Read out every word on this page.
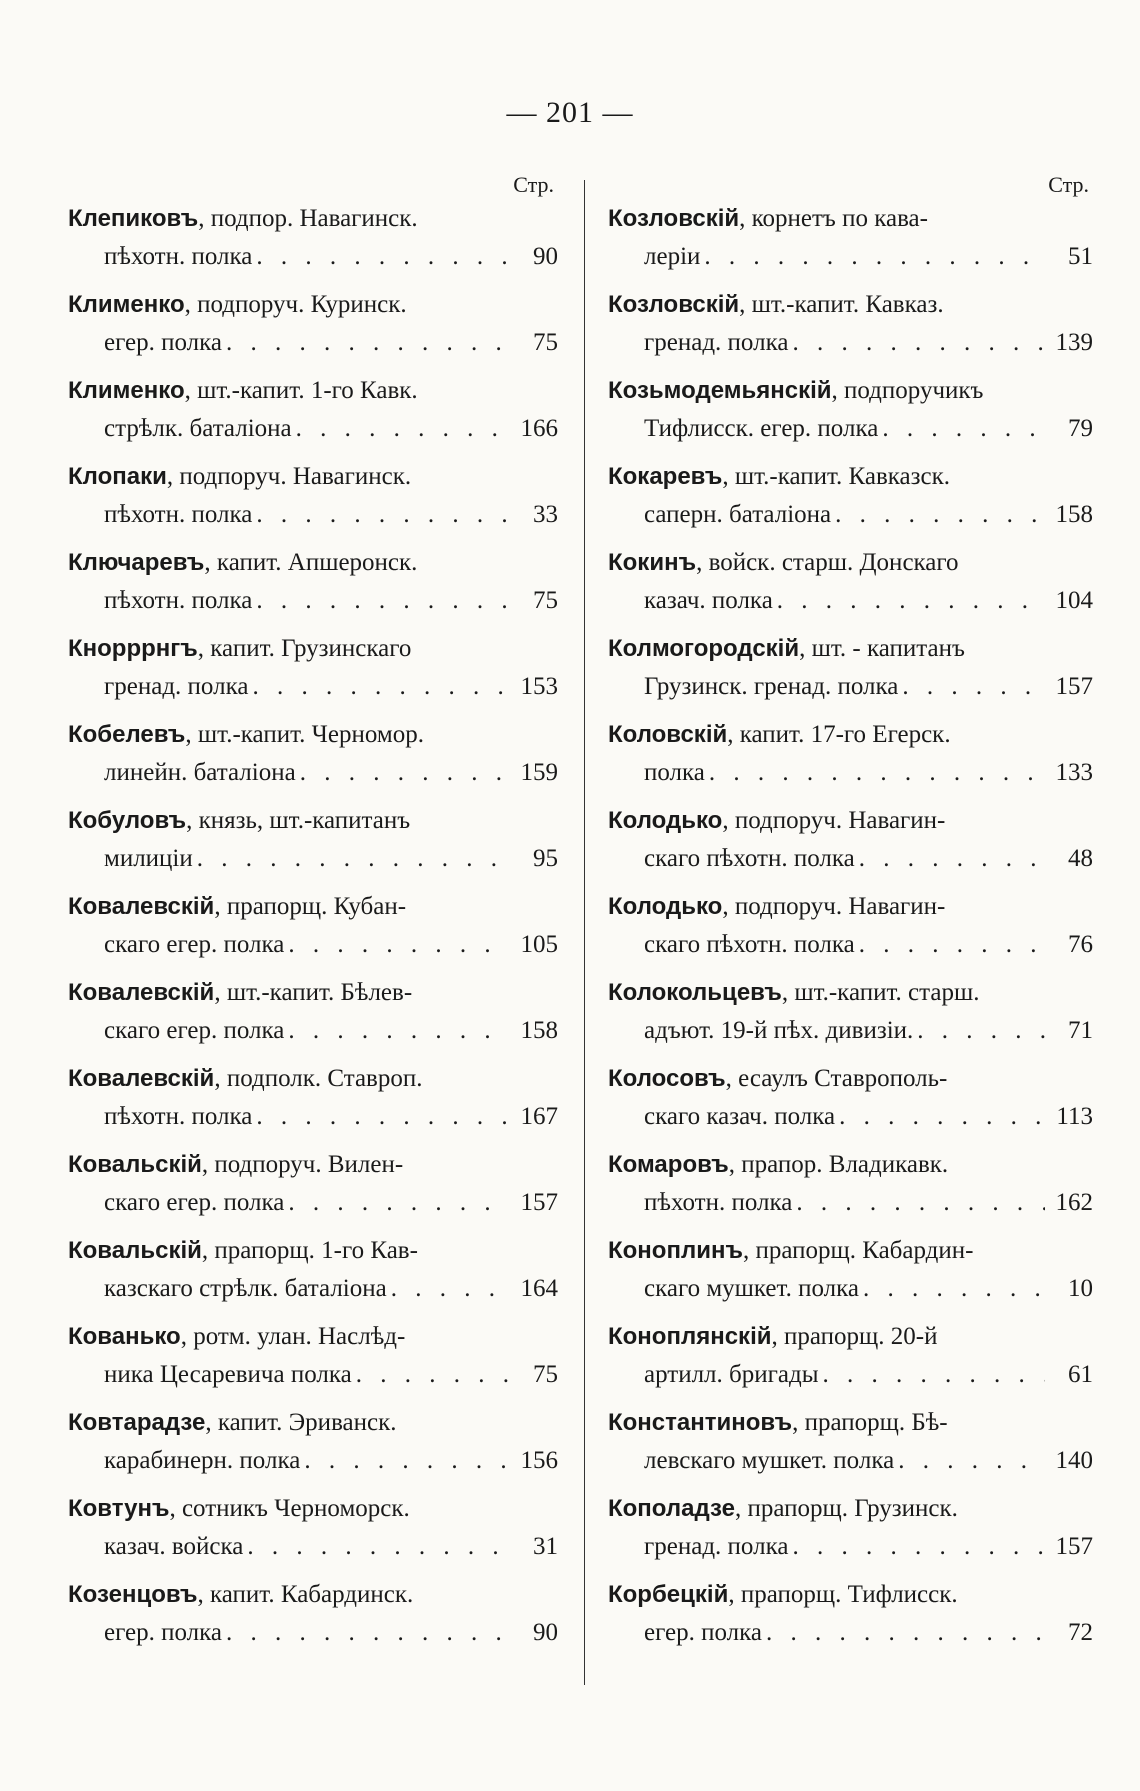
— 201 —
Стр.
Клепиковъ, подпор. Навагинск.
пѣхотн. полка . . .	90
Клименко, подпоруч. Куринск.
егер. полка . . .	75
Клименко, шт.-капит. 1-го Кавк.
стрѣлк. баталіона . . .	166
Клопаки, подпоруч. Навагинск.
пѣхотн. полка . . .	33
Ключаревъ, капит. Апшеронск.
пѣхотн. полка . . .	75
Кнорррнгъ, капит. Грузинскаго
гренад. полка . . .	153
Кобелевъ, шт.-капит. Черномор.
линейн. баталіона . . .	159
Кобуловъ, князь, шт.-капитанъ
милиціи . . .	95
Ковалевскій, прапорщ. Кубан-
скаго егер. полка . . .	105
Ковалевскій, шт.-капит. Бѣлев-
скаго егер. полка . . .	158
Ковалевскій, подполк. Ставроп.
пѣхотн. полка . . .	167
Ковальскій, подпоруч. Вилен-
скаго егер. полка . . .	157
Ковальскій, прапорщ. 1-го Кав-
казскаго стрѣлк. баталіона . . .	164
Кованько, ротм. улан. Наслѣд-
ника Цесаревича полка . . .	75
Ковтарадзе, капит. Эриванск.
карабинерн. полка . . .	156
Ковтунъ, сотникъ Черноморск.
казач. войска . . .	31
Козенцовъ, капит. Кабардинск.
егер. полка . . .	90
Стр.
Козловскій, корнетъ по кава-
леріи . . .	51
Козловскій, шт.-капит. Кавказ.
гренад. полка . . .	139
Козьмодемьянскій, подпоручикъ
Тифлисск. егер. полка . . .	79
Кокаревъ, шт.-капит. Кавказск.
саперн. баталіона . . .	158
Кокинъ, войск. старш. Донскаго
казач. полка . . .	104
Колмогородскій, шт. - капитанъ
Грузинск. гренад. полка . . .	157
Коловскій, капит. 17-го Егерск.
полка . . .	133
Колодько, подпоруч. Навагин-
скаго пѣхотн. полка . . .	48
Колодько, подпоруч. Навагин-
скаго пѣхотн. полка . . .	76
Колокольцевъ, шт.-капит. старш.
адъют. 19-й пѣх. дивизіи. . . .	71
Колосовъ, есаулъ Ставрополь-
скаго казач. полка . . .	113
Комаровъ, прапор. Владикавк.
пѣхотн. полка . . .	162
Коноплинъ, прапорщ. Кабардин-
скаго мушкет. полка . . .	10
Коноплянскій, прапорщ. 20-й
артилл. бригады . . .	61
Константиновъ, прапорщ. Бѣ-
левскаго мушкет. полка . . .	140
Кополадзе, прапорщ. Грузинск.
гренад. полка . . .	157
Корбецкій, прапорщ. Тифлисск.
егер. полка . . .	72
